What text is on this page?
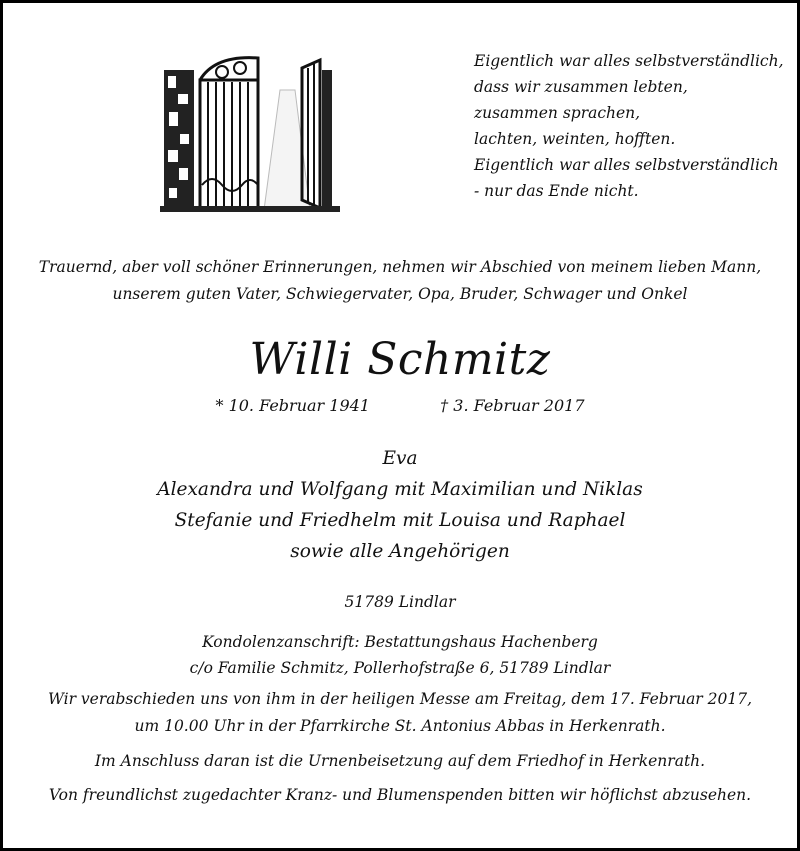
Eigentlich war alles selbstverständlich,
dass wir zusammen lebten,
zusammen sprachen,
lachten, weinten, hofften.
Eigentlich war alles selbstverständlich
- nur das Ende nicht.
Trauernd, aber voll schöner Erinnerungen, nehmen wir Abschied von meinem lieben Mann,
unserem guten Vater, Schwiegervater, Opa, Bruder, Schwager und Onkel
Willi Schmitz
* 10. Februar 1941	† 3. Februar 2017
Eva
Alexandra und Wolfgang mit Maximilian und Niklas
Stefanie und Friedhelm mit Louisa und Raphael
sowie alle Angehörigen
51789 Lindlar
Kondolenzanschrift: Bestattungshaus Hachenberg
c/o Familie Schmitz, Pollerhofstraße 6, 51789 Lindlar
Wir verabschieden uns von ihm in der heiligen Messe am Freitag, dem 17. Februar 2017,
um 10.00 Uhr in der Pfarrkirche St. Antonius Abbas in Herkenrath.
Im Anschluss daran ist die Urnenbeisetzung auf dem Friedhof in Herkenrath.
Von freundlichst zugedachter Kranz- und Blumenspenden bitten wir höflichst abzusehen.
